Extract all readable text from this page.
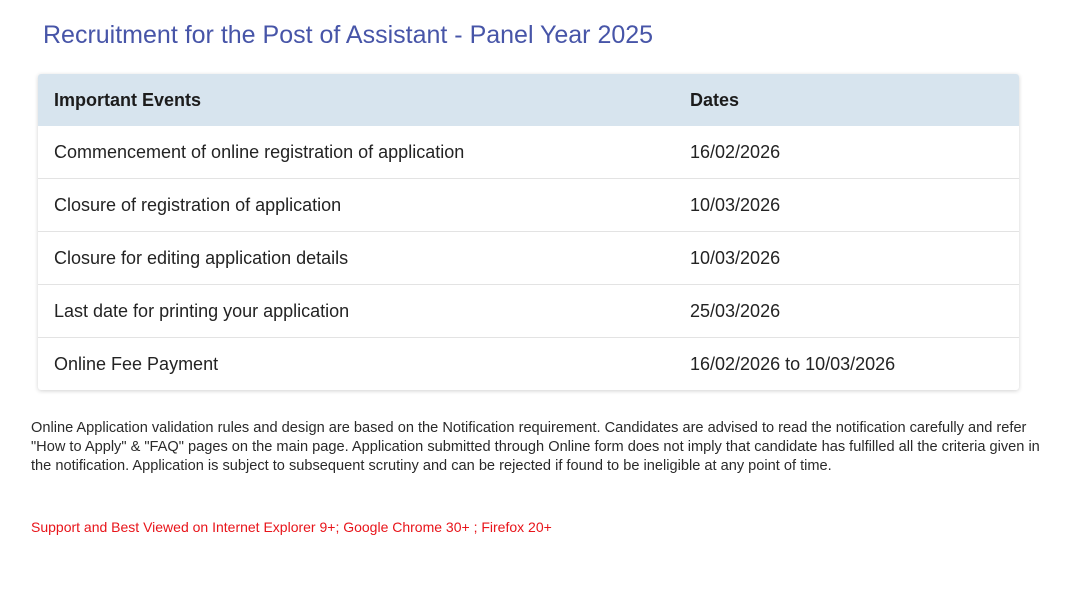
Recruitment for the Post of Assistant - Panel Year 2025
Important Events	Dates
Commencement of online registration of application	16/02/2026
Closure of registration of application	10/03/2026
Closure for editing application details	10/03/2026
Last date for printing your application	25/03/2026
Online Fee Payment	16/02/2026 to 10/03/2026

Online Application validation rules and design are based on the Notification requirement. Candidates are advised to read the notification carefully and refer "How to Apply" & "FAQ" pages on the main page. Application submitted through Online form does not imply that candidate has fulfilled all the criteria given in the notification. Application is subject to subsequent scrutiny and can be rejected if found to be ineligible at any point of time.

Support and Best Viewed on Internet Explorer 9+; Google Chrome 30+ ; Firefox 20+
